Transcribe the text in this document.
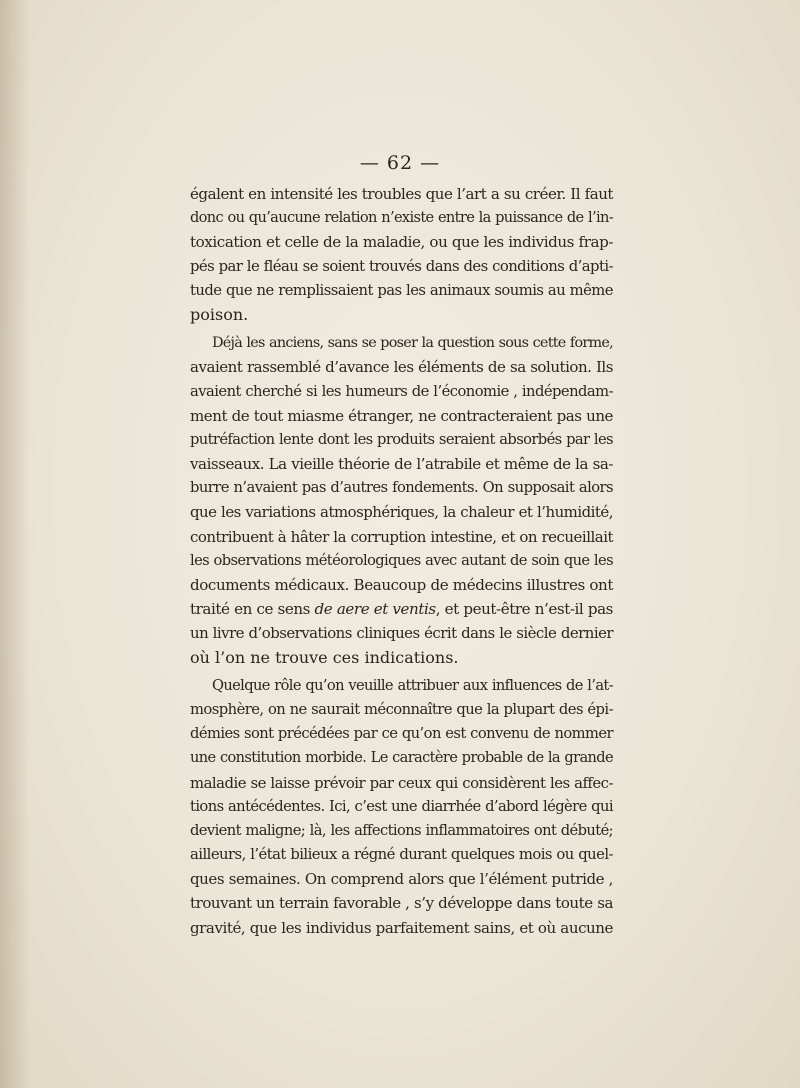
— 62 —
égalent en intensité les troubles que l’art a su créer. Il faut
donc ou qu’aucune relation n’existe entre la puissance de l’in-
toxication et celle de la maladie, ou que les individus frap-
pés par le fléau se soient trouvés dans des conditions d’apti-
tude que ne remplissaient pas les animaux soumis au même
poison.
Déjà les anciens, sans se poser la question sous cette forme,
avaient rassemblé d’avance les éléments de sa solution. Ils
avaient cherché si les humeurs de l’économie , indépendam-
ment de tout miasme étranger, ne contracteraient pas une
putréfaction lente dont les produits seraient absorbés par les
vaisseaux. La vieille théorie de l’atrabile et même de la sa-
burre n’avaient pas d’autres fondements. On supposait alors
que les variations atmosphériques, la chaleur et l’humidité,
contribuent à hâter la corruption intestine, et on recueillait
les observations météorologiques avec autant de soin que les
documents médicaux. Beaucoup de médecins illustres ont
traité en ce sens de aere et ventis, et peut-être n’est-il pas
un livre d’observations cliniques écrit dans le siècle dernier
où l’on ne trouve ces indications.
Quelque rôle qu’on veuille attribuer aux influences de l’at-
mosphère, on ne saurait méconnaître que la plupart des épi-
démies sont précédées par ce qu’on est convenu de nommer
une constitution morbide. Le caractère probable de la grande
maladie se laisse prévoir par ceux qui considèrent les affec-
tions antécédentes. Ici, c’est une diarrhée d’abord légère qui
devient maligne; là, les affections inflammatoires ont débuté;
ailleurs, l’état bilieux a régné durant quelques mois ou quel-
ques semaines. On comprend alors que l’élément putride ,
trouvant un terrain favorable , s’y développe dans toute sa
gravité, que les individus parfaitement sains, et où aucune
